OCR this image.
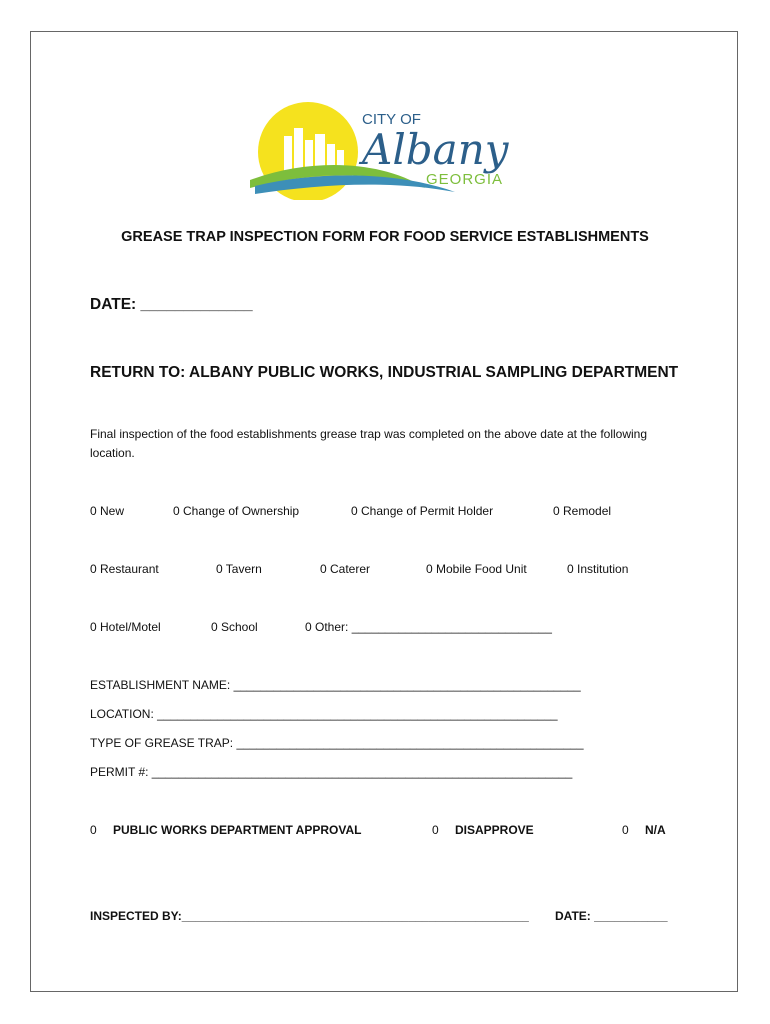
CITY OF
Albany
GEORGIA
GREASE TRAP INSPECTION FORM FOR FOOD SERVICE ESTABLISHMENTS
DATE: _____________
RETURN TO: ALBANY PUBLIC WORKS, INDUSTRIAL SAMPLING DEPARTMENT
Final inspection of the food establishments grease trap was completed on the above date at the following location.
0 New	0 Change of Ownership	0 Change of Permit Holder	0 Remodel
0 Restaurant	0 Tavern	0 Caterer	0 Mobile Food Unit	0 Institution
0 Hotel/Motel	0 School	0 Other: ______________________________
ESTABLISHMENT NAME: ____________________________________________________
LOCATION: ____________________________________________________________
TYPE OF GREASE TRAP: ____________________________________________________
PERMIT #: _______________________________________________________________
0 PUBLIC WORKS DEPARTMENT APPROVAL	0 DISAPPROVE	0 N/A
INSPECTED BY:____________________________________________________ DATE: ___________
